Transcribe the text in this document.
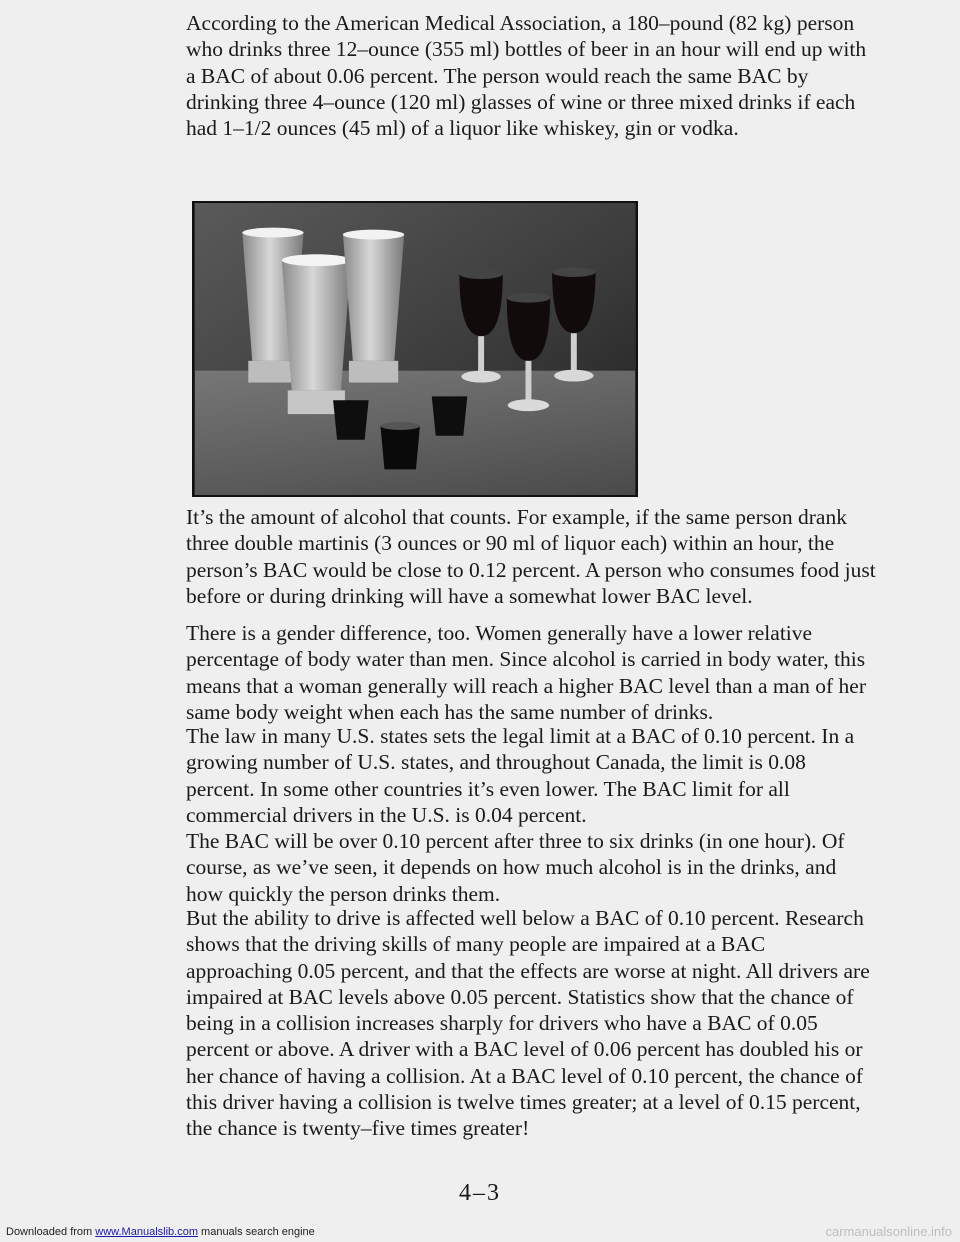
According to the American Medical Association, a 180–pound (82 kg) person who drinks three 12–ounce (355 ml) bottles of beer in an hour will end up with a BAC of about 0.06 percent. The person would reach the same BAC by drinking three 4–ounce (120 ml) glasses of wine or three mixed drinks if each had 1–1/2 ounces (45 ml) of a liquor like whiskey, gin or vodka.

It’s the amount of alcohol that counts. For example, if the same person drank three double martinis (3 ounces or 90 ml of liquor each) within an hour, the person’s BAC would be close to 0.12 percent. A person who consumes food just before or during drinking will have a somewhat lower BAC level.

There is a gender difference, too. Women generally have a lower relative percentage of body water than men. Since alcohol is carried in body water, this means that a woman generally will reach a higher BAC level than a man of her same body weight when each has the same number of drinks.

The law in many U.S. states sets the legal limit at a BAC of 0.10 percent. In a growing number of U.S. states, and throughout Canada, the limit is 0.08 percent. In some other countries it’s even lower. The BAC limit for all commercial drivers in the U.S. is 0.04 percent.

The BAC will be over 0.10 percent after three to six drinks (in one hour). Of course, as we’ve seen, it depends on how much alcohol is in the drinks, and how quickly the person drinks them.

But the ability to drive is affected well below a BAC of 0.10 percent. Research shows that the driving skills of many people are impaired at a BAC approaching 0.05 percent, and that the effects are worse at night. All drivers are impaired at BAC levels above 0.05 percent. Statistics show that the chance of being in a collision increases sharply for drivers who have a BAC of 0.05 percent or above. A driver with a BAC level of 0.06 percent has doubled his or her chance of having a collision. At a BAC level of 0.10 percent, the chance of this driver having a collision is twelve times greater; at a level of 0.15 percent, the chance is twenty–five times greater!

4–3
Downloaded from www.Manualslib.com manuals search engine	carmanualsonline.info
